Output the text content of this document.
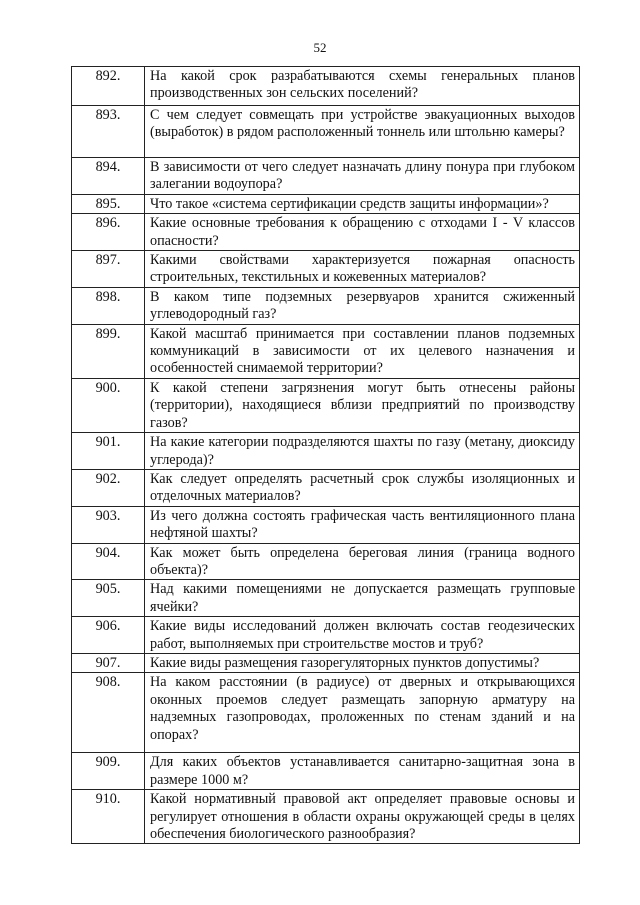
52
892.	На какой срок разрабатываются схемы генеральных планов производственных зон сельских поселений?
893.	С чем следует совмещать при устройстве эвакуационных выходов (выработок) в рядом расположенный тоннель или штольню камеры?
894.	В зависимости от чего следует назначать длину понура при глубоком залегании водоупора?
895.	Что такое «система сертификации средств защиты информации»?
896.	Какие основные требования к обращению с отходами I - V классов опасности?
897.	Какими свойствами характеризуется пожарная опасность строительных, текстильных и кожевенных материалов?
898.	В каком типе подземных резервуаров хранится сжиженный углеводородный газ?
899.	Какой масштаб принимается при составлении планов подземных коммуникаций в зависимости от их целевого назначения и особенностей снимаемой территории?
900.	К какой степени загрязнения могут быть отнесены районы (территории), находящиеся вблизи предприятий по производству газов?
901.	На какие категории подразделяются шахты по газу (метану, диоксиду углерода)?
902.	Как следует определять расчетный срок службы изоляционных и отделочных материалов?
903.	Из чего должна состоять графическая часть вентиляционного плана нефтяной шахты?
904.	Как может быть определена береговая линия (граница водного объекта)?
905.	Над какими помещениями не допускается размещать групповые ячейки?
906.	Какие виды исследований должен включать состав геодезических работ, выполняемых при строительстве мостов и труб?
907.	Какие виды размещения газорегуляторных пунктов допустимы?
908.	На каком расстоянии (в радиусе) от дверных и открывающихся оконных проемов следует размещать запорную арматуру на надземных газопроводах, проложенных по стенам зданий и на опорах?
909.	Для каких объектов устанавливается санитарно-защитная зона в размере 1000 м?
910.	Какой нормативный правовой акт определяет правовые основы и регулирует отношения в области охраны окружающей среды в целях обеспечения биологического разнообразия?
